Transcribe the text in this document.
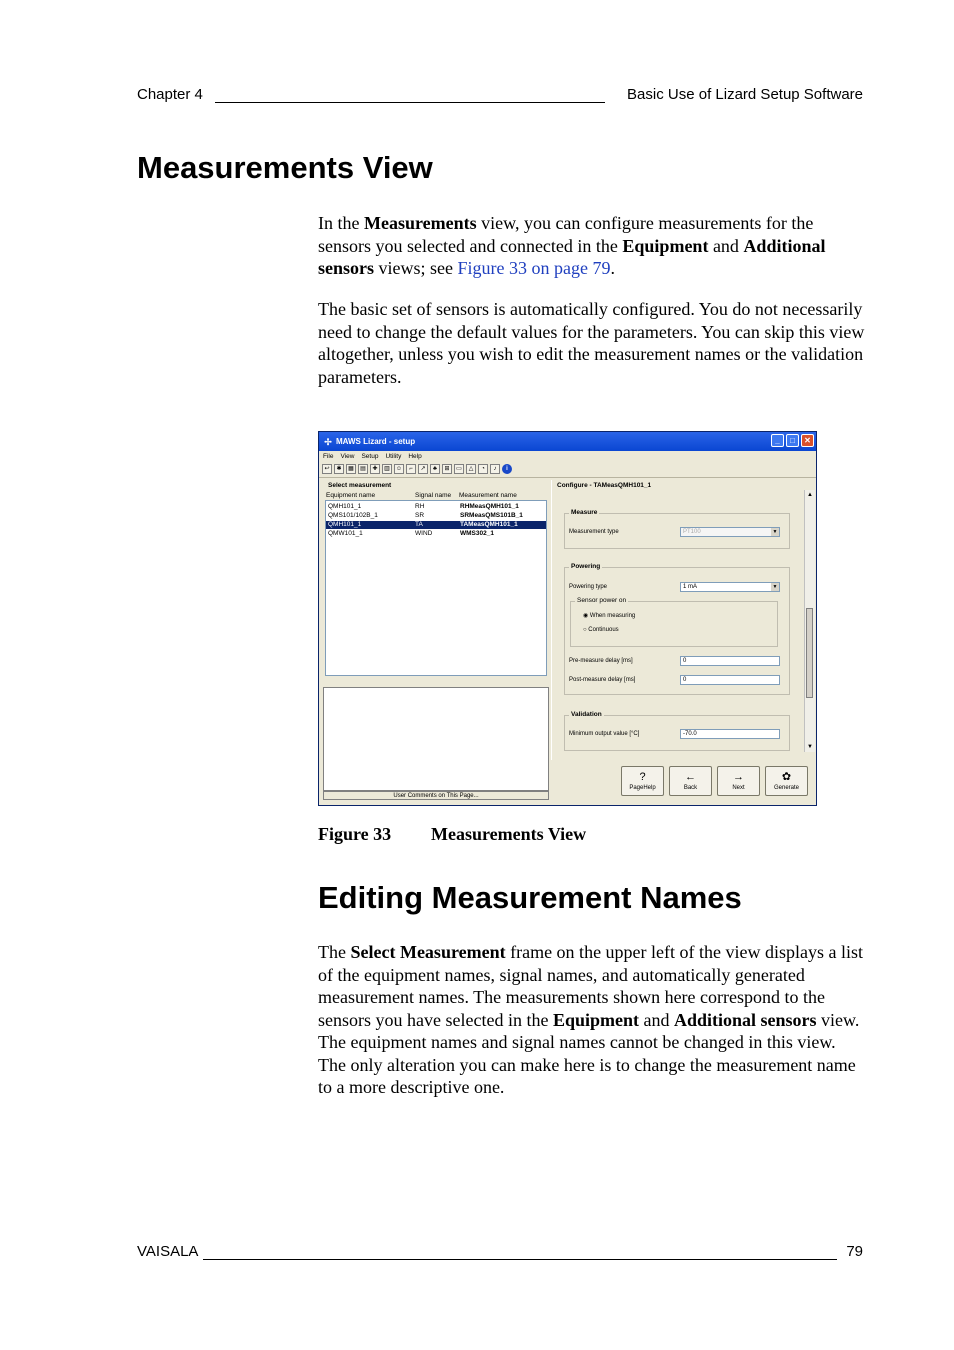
Chapter 4	Basic Use of Lizard Setup Software
Measurements View

In the Measurements view, you can configure measurements for the sensors you selected and connected in the Equipment and Additional sensors views; see Figure 33 on page 79.

The basic set of sensors is automatically configured. You do not necessarily need to change the default values for the parameters. You can skip this view altogether, unless you wish to edit the measurement names or the validation parameters.

✢ MAWS Lizard - setup	_	□	✕
File View Setup Utility Help
↩	✱	▦	▤	✚	▥	☺	⌐	↗	♣	⊞	▭	△	◔	♪	i
Select measurement
Equipment name	Signal name Measurement name
QMH101_1	RH	RHMeasQMH101_1
QMS101/102B_1	SR	SRMeasQMS101B_1
QMH101_1	TA	TAMeasQMH101_1
QMW101_1	WIND	WMS302_1
User Comments on This Page...
Configure - TAMeasQMH101_1
▲
▼
Measure
Measurement type	PT100	▼
Powering
Powering type	1 mA	▼
Sensor power on
◉ When measuring
○ Continuous
Pre-measure delay [ms]	0
Post-measure delay [ms]	0
Validation
Minimum output value [°C]	-70.0
?
PageHelp
←
Back
→
Next
✿
Generate
Figure 33 Measurements View
Editing Measurement Names

The Select Measurement frame on the upper left of the view displays a list of the equipment names, signal names, and automatically generated measurement names. The measurements shown here correspond to the sensors you have selected in the Equipment and Additional sensors view. The equipment names and signal names cannot be changed in this view. The only alteration you can make here is to change the measurement name to a more descriptive one.

VAISALA	79
